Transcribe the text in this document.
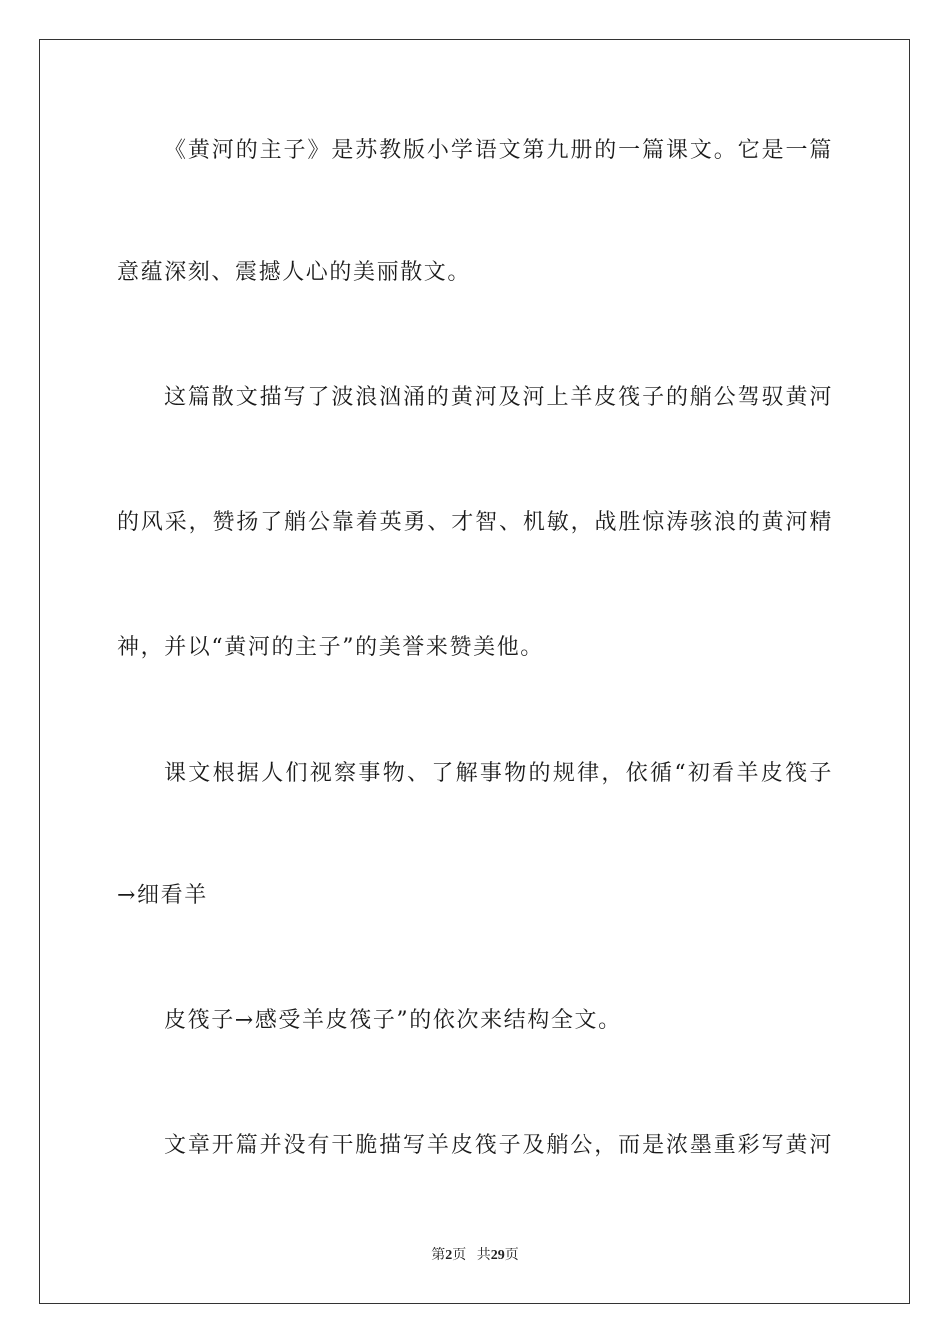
《黄河的主子》是苏教版小学语文第九册的一篇课文。它是一篇
意蕴深刻、震撼人心的美丽散文。
这篇散文描写了波浪汹涌的黄河及河上羊皮筏子的艄公驾驭黄河
的风采，赞扬了艄公靠着英勇、才智、机敏，战胜惊涛骇浪的黄河精
神，并以“黄河的主子”的美誉来赞美他。
课文根据人们视察事物、了解事物的规律，依循“初看羊皮筏子
→细看羊
皮筏子→感受羊皮筏子”的依次来结构全文。
文章开篇并没有干脆描写羊皮筏子及艄公，而是浓墨重彩写黄河
第2页 共29页
